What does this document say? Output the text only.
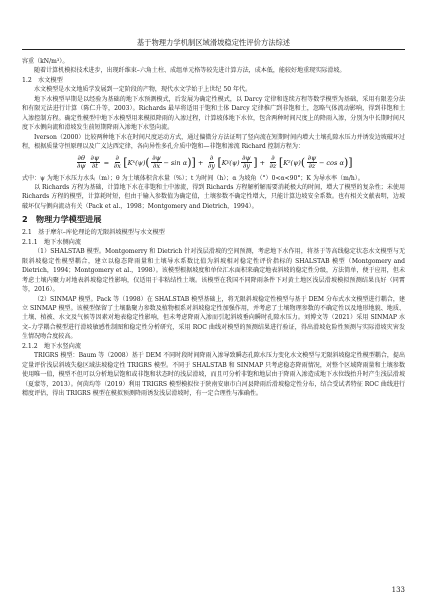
基于物理力学机制区域滑坡稳定性评价方法综述

容重（kN/m³）。

随着计算机模拟技术进步，出现纤维束–六角土柱、成组单元格等较先进计算方法，成本低，能较好地重现实际滑坡。

1.2　水文模型

水文模型是水文地质学发展到一定阶段的产物，现代水文学始于上世纪 50 年代。

地下水模型早期是以经验为基础的地下水预测模式，后发展为确定性模式，以 Darcy 定律和连续方程等数学模型为基础，采用有限差分法和有限元法进行计算（陈仁升等，2003）。Richards 最早将适用于饱和土体 Darcy 定律推广到非饱和土，忽略气体流动影响，得到非饱和土入渗控制方程。确定性模型中地下水模型用来模拟降雨的入渗过程，计算坡体地下水位，包含两种时间尺度上的降雨入渗，分别为中长期时间尺度下水侧向流和滑坡发生前短期降雨入渗地下水竖向流。

Iverson（2000）比较两种地下水在时间尺度运动方式，通过偏微分方法证明了竖向流在短期时间内增大土壤孔隙水压力并诱发边坡破坏过程，根据质量守恒原理以及广义达西定律，各向异性多孔介质中饱和—非饱和渗流 Richard 控制方程为：

$\frac{\partial\theta}{\partial\psi} \frac{\partial\psi}{\partial t} = \frac{\partial}{\partial x}$ [ K x (ψ) ( $\frac{\partial\psi}{\partial x} - \sin \alpha$ ) ] + $\frac{\partial}{\partial y}$ [ K y $(\psi) \frac{\partial\psi}{\partial y}$ ] + $\frac{\partial}{\partial z}$ [ K z (ψ) ( $\frac{\partial\psi}{\partial z} - \cos \alpha$ ) ]

式中：ψ 为地下水压力水头（m）；θ 为土壤体积含水量（%）；t 为时间（h）；α 为坡角（°）0<α<90°；K 为导水率（m/h）。

以 Richards 方程为基础，计算地下水在非饱和土中渗流，得到 Richards 方程解析解需要消耗极大的时间，增大了模型的复杂性；未使用 Richards 方程的模型，计算耗时短，但由于输入参数值为确定值，土壤参数不确定性增大，只能计算边坡安全系数。也有相关文献表明，边坡破坏仅与侧向流动有关（Pack et al.，1998；Montgomery and Dietrich，1994）。

2　物理力学模型进展
2.1　基于摩尔–库伦理论的无限斜坡模型与水文模型
2.1.1　地下水侧向流

（1）SHALSTAB 模型。Montgomerry 和 Dietrich 针对浅层滑坡的空间预测，考虑地下水作用，将基于等高线稳定状态水文模型与无限斜坡稳定性模型耦合，建立以稳态降雨量和土壤导水系数比值为斜坡相对稳定性评价指标的 SHALSTAB 模型（Montgomery and Dietrich，1994；Montgomery et al.，1998）。该模型根据坡度和单位汇水面积来确定地表斜坡的稳定性分级，方法简单，便于应用，但未考虑土壤内聚力对地表斜坡稳定性影响，仅适用于非粘结性土壤。该模型在我国不同降雨条件下对黄土地区浅层滑坡模拟预测结果良好（同霄等，2016）。

（2）SINMAP 模型。Pack 等（1998）在 SHALSTAB 模型基础上，将无限斜坡稳定性模型与基于 DEM 分布式水文模型进行耦合，建立 SINMAP 模型。该模型保留了土壤黏聚力参数及植物根系对斜坡稳定性加强作用，并考虑了土壤物理参数的不确定性以及地形地貌、地质、土壤、植被、水文及气候等因素对地表稳定性影响，但未考虑降雨入渗而引起斜坡垂向瞬时孔隙水压力。刘博文等（2021）采用 SINMAP 水文–力学耦合模型进行滑坡敏感性制图和稳定性分析研究，采用 ROC 曲线对模型的预测结果进行验证，得出滑坡危险性预测与实际滑坡灾害发生情况吻合度较高。

2.1.2　地下水竖向流

TRIGRS 模型：Baum 等（2008）基于 DEM 不同时段时间降雨入渗导致瞬态孔隙水压力变化水文模型与无限斜坡稳定性模型耦合，提出定量评价浅层斜坡失稳区域法坡稳定性 TRIGRS 模型。不同于 SHALSTAB 和 SINMAP 只考虑稳态降雨情况，对整个区域降雨量和土壤参数使用唯一值，模型不但可以分析地层饱和或非饱和状态时的浅层滑坡，而且可分析非饱和地层由于降雨入渗造成地下水位线抬升时产生浅层滑坡（夏蒙等，2013）。何茵均等（2019）利用 TRIGRS 模型模拟位于陕南安康市白河县降雨后滑坡稳定性分布，结合受试者特征 ROC 曲线进行精度评估，得出 TRIGRS 模型在模拟预测降雨诱发浅层滑坡时，有一定合理性与准确性。

133
